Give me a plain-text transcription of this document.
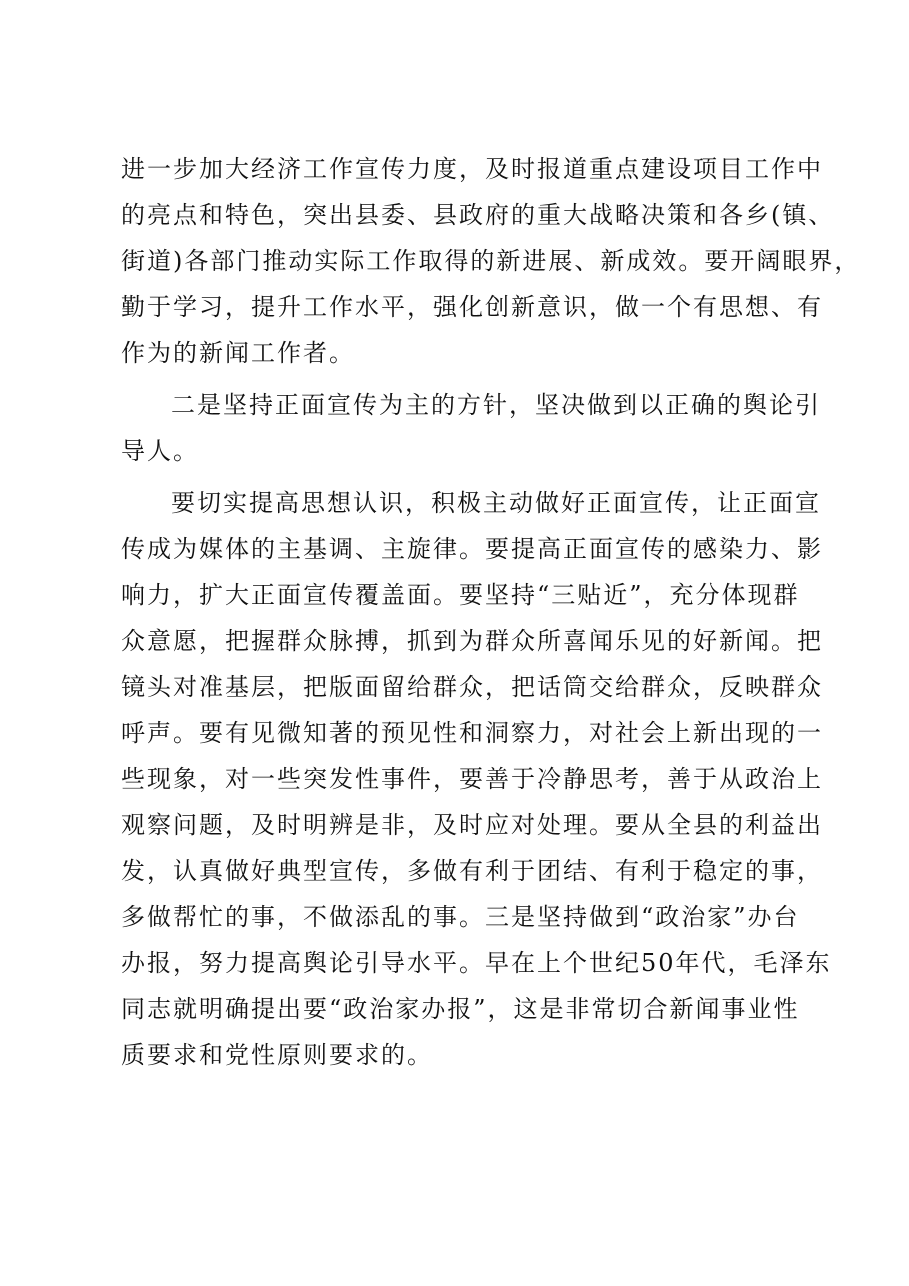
进一步加大经济工作宣传力度，及时报道重点建设项目工作中
的亮点和特色，突出县委、县政府的重大战略决策和各乡(镇、
街道)各部门推动实际工作取得的新进展、新成效。要开阔眼界，
勤于学习，提升工作水平，强化创新意识，做一个有思想、有
作为的新闻工作者。
二是坚持正面宣传为主的方针，坚决做到以正确的舆论引
导人。
要切实提高思想认识，积极主动做好正面宣传，让正面宣
传成为媒体的主基调、主旋律。要提高正面宣传的感染力、影
响力，扩大正面宣传覆盖面。要坚持“三贴近”，充分体现群
众意愿，把握群众脉搏，抓到为群众所喜闻乐见的好新闻。把
镜头对准基层，把版面留给群众，把话筒交给群众，反映群众
呼声。要有见微知著的预见性和洞察力，对社会上新出现的一
些现象，对一些突发性事件，要善于冷静思考，善于从政治上
观察问题，及时明辨是非，及时应对处理。要从全县的利益出
发，认真做好典型宣传，多做有利于团结、有利于稳定的事，
多做帮忙的事，不做添乱的事。三是坚持做到“政治家”办台
办报，努力提高舆论引导水平。早在上个世纪50年代，毛泽东
同志就明确提出要“政治家办报”，这是非常切合新闻事业性
质要求和党性原则要求的。
